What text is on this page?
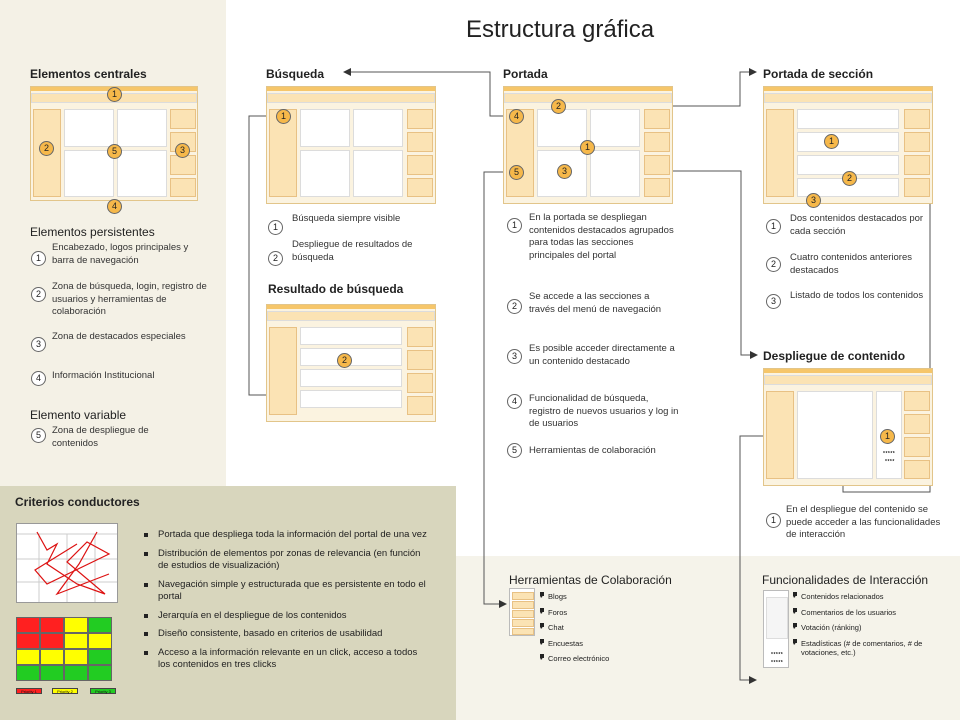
Estructura gráfica
Elementos centrales
1
2	5	3
4
Elementos persistentes
1
Encabezado, logos principales y barra de navegación
2
Zona de búsqueda, login, registro de usuarios y herramientas de colaboración
3
Zona de destacados especiales
4	Información Institucional
Elemento variable
5	Zona de despliegue de contenidos
Búsqueda
1
1
Búsqueda siempre visible
2
Despliegue de resultados de búsqueda
Resultado de búsqueda
2
Portada
2
4
1
5	3
1
En la portada se despliegan contenidos destacados agrupados para todas las secciones principales del portal
2
Se accede a las secciones a través del menú de navegación
3
Es posible acceder directamente a un contenido destacado
4	Funcionalidad de búsqueda, registro de nuevos usuarios y log in de usuarios
5	Herramientas de colaboración
Portada de sección
1
2
3
1
Dos contenidos destacados por cada sección
2
Cuatro contenidos anteriores destacados
3	Listado de todos los contenidos
Despliegue de contenido
1
*****
****
1
En el despliegue del contenido se puede acceder a las funcionalidades de interacción
Criterios conductores
Priority 1	Priority 2	Priority 3
Portada que despliega toda la información del portal de una vez
Distribución de elementos por zonas de relevancia (en función de estudios de visualización)
Navegación simple y estructurada que es persistente en todo el portal
Jerarquía en el despliegue de los contenidos
Diseño consistente, basado en criterios de usabilidad
Acceso a la información relevante en un click, acceso a todos los contenidos en tres clicks
Herramientas de Colaboración
• Blogs
• Foros
• Chat
• Encuestas
• Correo electrónico
Funcionalidades de Interacción
*****
*****
• Contenidos relacionados
• Comentarios de los usuarios
• Votación (ránking)
• Estadísticas (# de comentarios, # de votaciones, etc.)
